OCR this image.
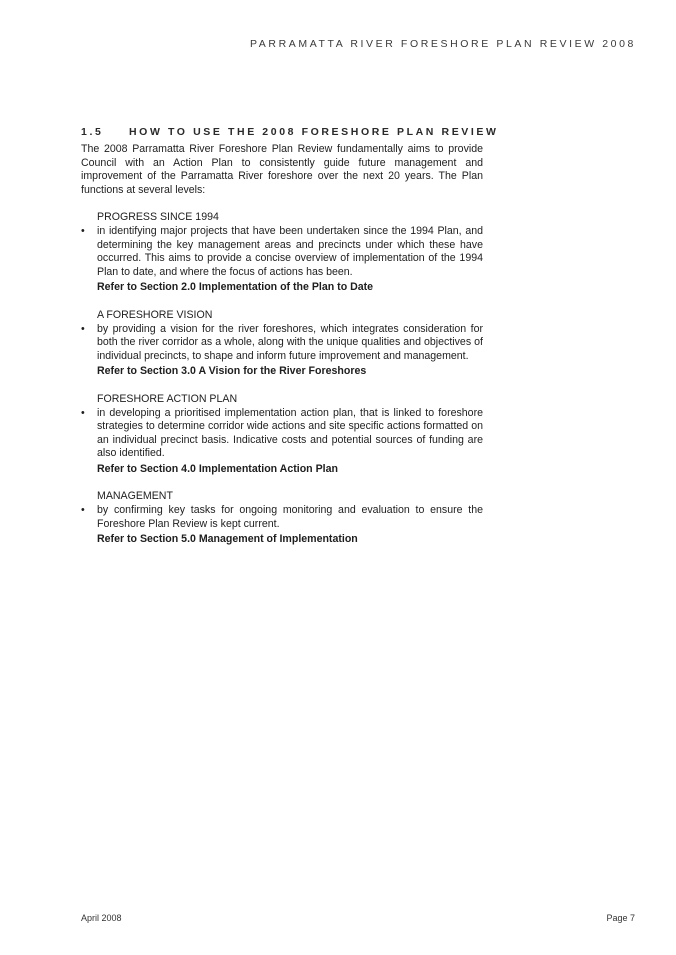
PARRAMATTA RIVER FORESHORE PLAN REVIEW 2008
1.5 HOW TO USE THE 2008 FORESHORE PLAN REVIEW

The 2008 Parramatta River Foreshore Plan Review fundamentally aims to provide Council with an Action Plan to consistently guide future management and improvement of the Parramatta River foreshore over the next 20 years. The Plan functions at several levels:

PROGRESS SINCE 1994

•	in identifying major projects that have been undertaken since the 1994 Plan, and determining the key management areas and precincts under which these have occurred. This aims to provide a concise overview of implementation of the 1994 Plan to date, and where the focus of actions has been.

Refer to Section 2.0 Implementation of the Plan to Date

A FORESHORE VISION

•	by providing a vision for the river foreshores, which integrates consideration for both the river corridor as a whole, along with the unique qualities and objectives of individual precincts, to shape and inform future improvement and management.

Refer to Section 3.0 A Vision for the River Foreshores

FORESHORE ACTION PLAN

•	in developing a prioritised implementation action plan, that is linked to foreshore strategies to determine corridor wide actions and site specific actions formatted on an individual precinct basis. Indicative costs and potential sources of funding are also identified.

Refer to Section 4.0 Implementation Action Plan

MANAGEMENT

•	by confirming key tasks for ongoing monitoring and evaluation to ensure the Foreshore Plan Review is kept current.

Refer to Section 5.0 Management of Implementation

April 2008	Page 7
